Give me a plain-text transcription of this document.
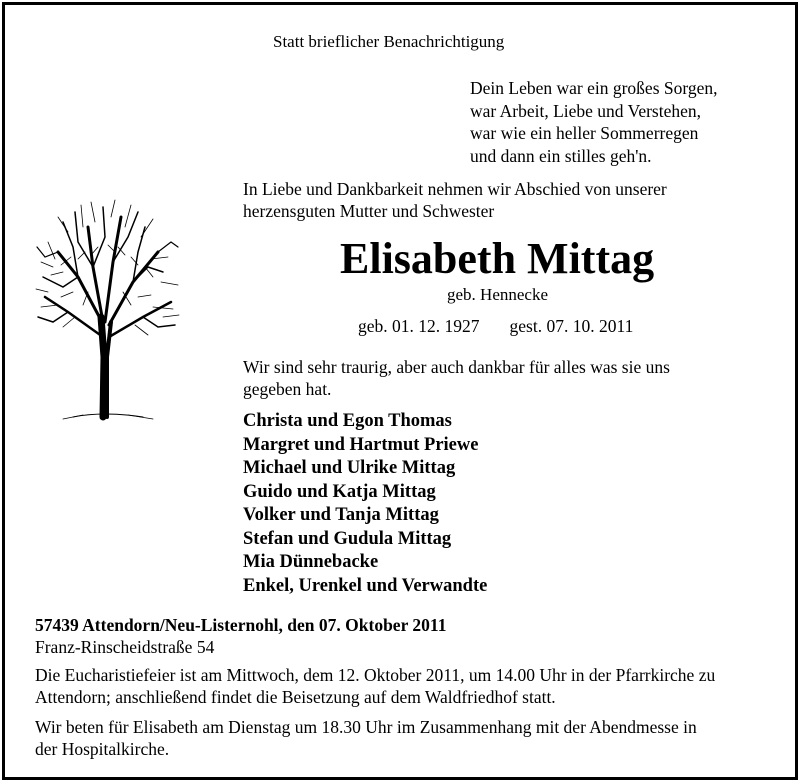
Statt brieflicher Benachrichtigung
Dein Leben war ein großes Sorgen,
war Arbeit, Liebe und Verstehen,
war wie ein heller Sommerregen
und dann ein stilles geh'n.
In Liebe und Dankbarkeit nehmen wir Abschied von unserer
herzensguten Mutter und Schwester
Elisabeth Mittag
geb. Hennecke
geb. 01. 12. 1927 gest. 07. 10. 2011
Wir sind sehr traurig, aber auch dankbar für alles was sie uns
gegeben hat.
Christa und Egon Thomas
Margret und Hartmut Priewe
Michael und Ulrike Mittag
Guido und Katja Mittag
Volker und Tanja Mittag
Stefan und Gudula Mittag
Mia Dünnebacke
Enkel, Urenkel und Verwandte
57439 Attendorn/Neu-Listernohl, den 07. Oktober 2011
Franz-Rinscheidstraße 54
Die Eucharistiefeier ist am Mittwoch, dem 12. Oktober 2011, um 14.00 Uhr in der Pfarrkirche zu
Attendorn; anschließend findet die Beisetzung auf dem Waldfriedhof statt.
Wir beten für Elisabeth am Dienstag um 18.30 Uhr im Zusammenhang mit der Abendmesse in
der Hospitalkirche.
